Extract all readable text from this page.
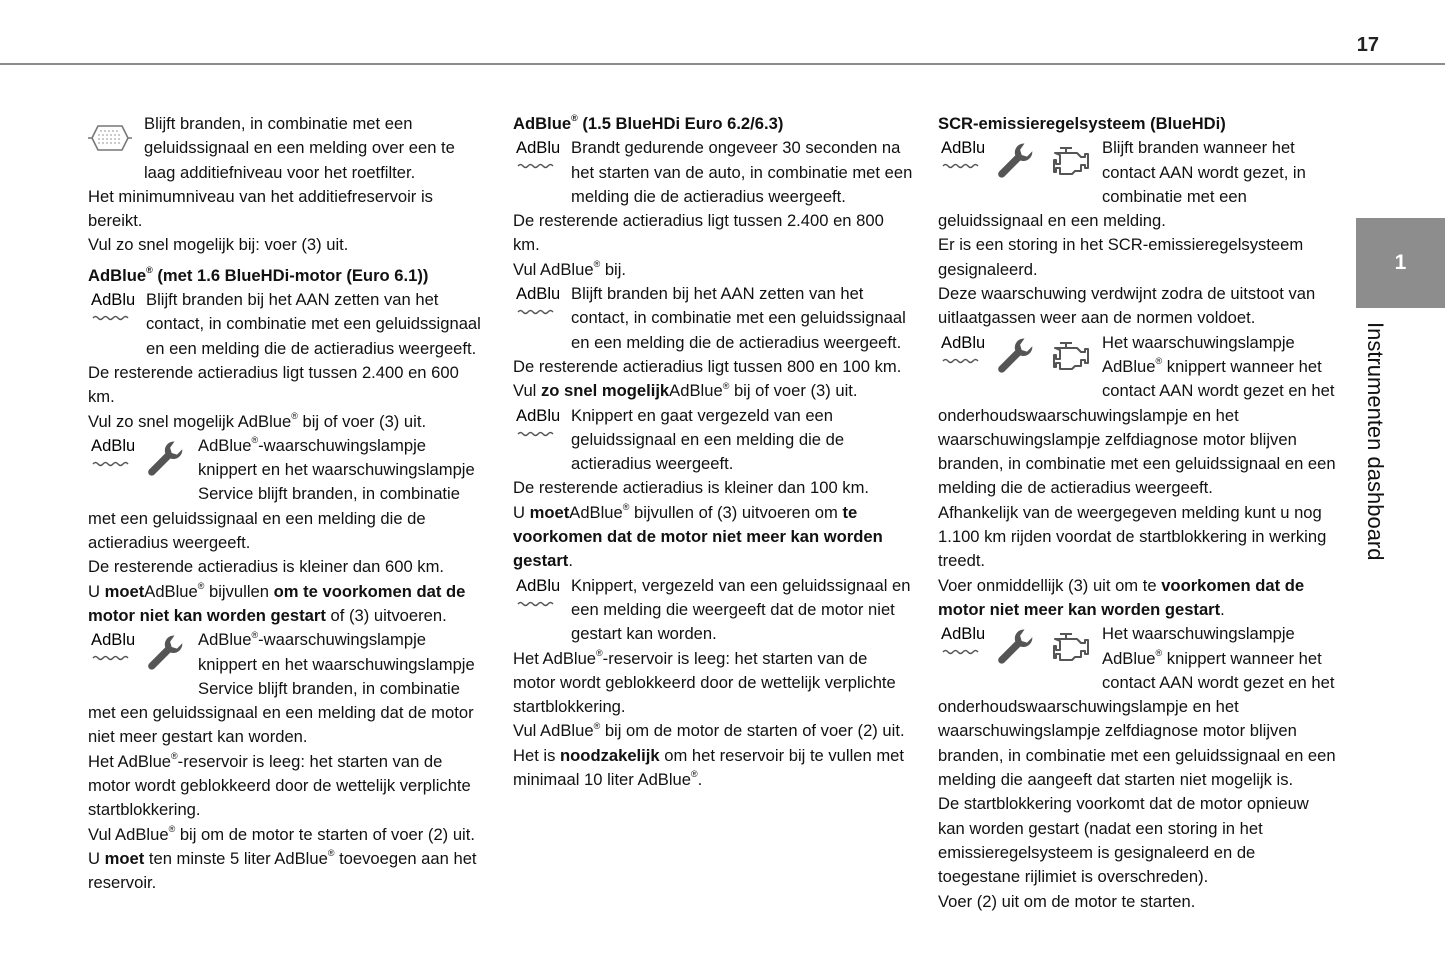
17
1
Instrumenten dashboard
Blijft branden, in combinatie met een geluidssignaal en een melding over een te laag additiefniveau voor het roetfilter.

Het minimumniveau van het additiefreservoir is bereikt.

Vul zo snel mogelijk bij: voer (3) uit.

AdBlue® (met 1.6 BlueHDi-motor (Euro 6.1))
Blijft branden bij het AAN zetten van het contact, in combinatie met een geluidssignaal en een melding die de actieradius weergeeft.

De resterende actieradius ligt tussen 2.400 en 600 km.

Vul zo snel mogelijk AdBlue® bij of voer (3) uit.

AdBlue®-waarschuwingslampje knippert en het waarschuwingslampje Service blijft branden, in combinatie met een geluidssignaal en een melding die de actieradius weergeeft.

De resterende actieradius is kleiner dan 600 km.

U moetAdBlue® bijvullen om te voorkomen dat de motor niet kan worden gestart of (3) uitvoeren.

AdBlue®-waarschuwingslampje knippert en het waarschuwingslampje Service blijft branden, in combinatie met een geluidssignaal en een melding dat de motor niet meer gestart kan worden.

Het AdBlue®-reservoir is leeg: het starten van de motor wordt geblokkeerd door de wettelijk verplichte startblokkering.

Vul AdBlue® bij om de motor te starten of voer (2) uit.

U moet ten minste 5 liter AdBlue® toevoegen aan het reservoir.

AdBlue® (1.5 BlueHDi Euro 6.2/6.3)
Brandt gedurende ongeveer 30 seconden na het starten van de auto, in combinatie met een melding die de actieradius weergeeft.

De resterende actieradius ligt tussen 2.400 en 800 km.

Vul AdBlue® bij.

Blijft branden bij het AAN zetten van het contact, in combinatie met een geluidssignaal en een melding die de actieradius weergeeft.

De resterende actieradius ligt tussen 800 en 100 km.

Vul zo snel mogelijkAdBlue® bij of voer (3) uit.

Knippert en gaat vergezeld van een geluidssignaal en een melding die de actieradius weergeeft.

De resterende actieradius is kleiner dan 100 km.

U moetAdBlue® bijvullen of (3) uitvoeren om te voorkomen dat de motor niet meer kan worden gestart.

Knippert, vergezeld van een geluidssignaal en een melding die weergeeft dat de motor niet gestart kan worden.

Het AdBlue®-reservoir is leeg: het starten van de motor wordt geblokkeerd door de wettelijk verplichte startblokkering.

Vul AdBlue® bij om de motor de starten of voer (2) uit.

Het is noodzakelijk om het reservoir bij te vullen met minimaal 10 liter AdBlue®.

SCR-emissieregelsysteem (BlueHDi)
Blijft branden wanneer het contact AAN wordt gezet, in combinatie met een geluidssignaal en een melding.

Er is een storing in het SCR-emissieregelsysteem gesignaleerd.

Deze waarschuwing verdwijnt zodra de uitstoot van uitlaatgassen weer aan de normen voldoet.

Het waarschuwingslampje AdBlue® knippert wanneer het contact AAN wordt gezet en het onderhoudswaarschuwingslampje en het waarschuwingslampje zelfdiagnose motor blijven branden, in combinatie met een geluidssignaal en een melding die de actieradius weergeeft.

Afhankelijk van de weergegeven melding kunt u nog 1.100 km rijden voordat de startblokkering in werking treedt.

Voer onmiddellijk (3) uit om te voorkomen dat de motor niet meer kan worden gestart.

Het waarschuwingslampje AdBlue® knippert wanneer het contact AAN wordt gezet en het onderhoudswaarschuwingslampje en het waarschuwingslampje zelfdiagnose motor blijven branden, in combinatie met een geluidssignaal en een melding die aangeeft dat starten niet mogelijk is.

De startblokkering voorkomt dat de motor opnieuw kan worden gestart (nadat een storing in het emissieregelsysteem is gesignaleerd en de toegestane rijlimiet is overschreden).

Voer (2) uit om de motor te starten.
